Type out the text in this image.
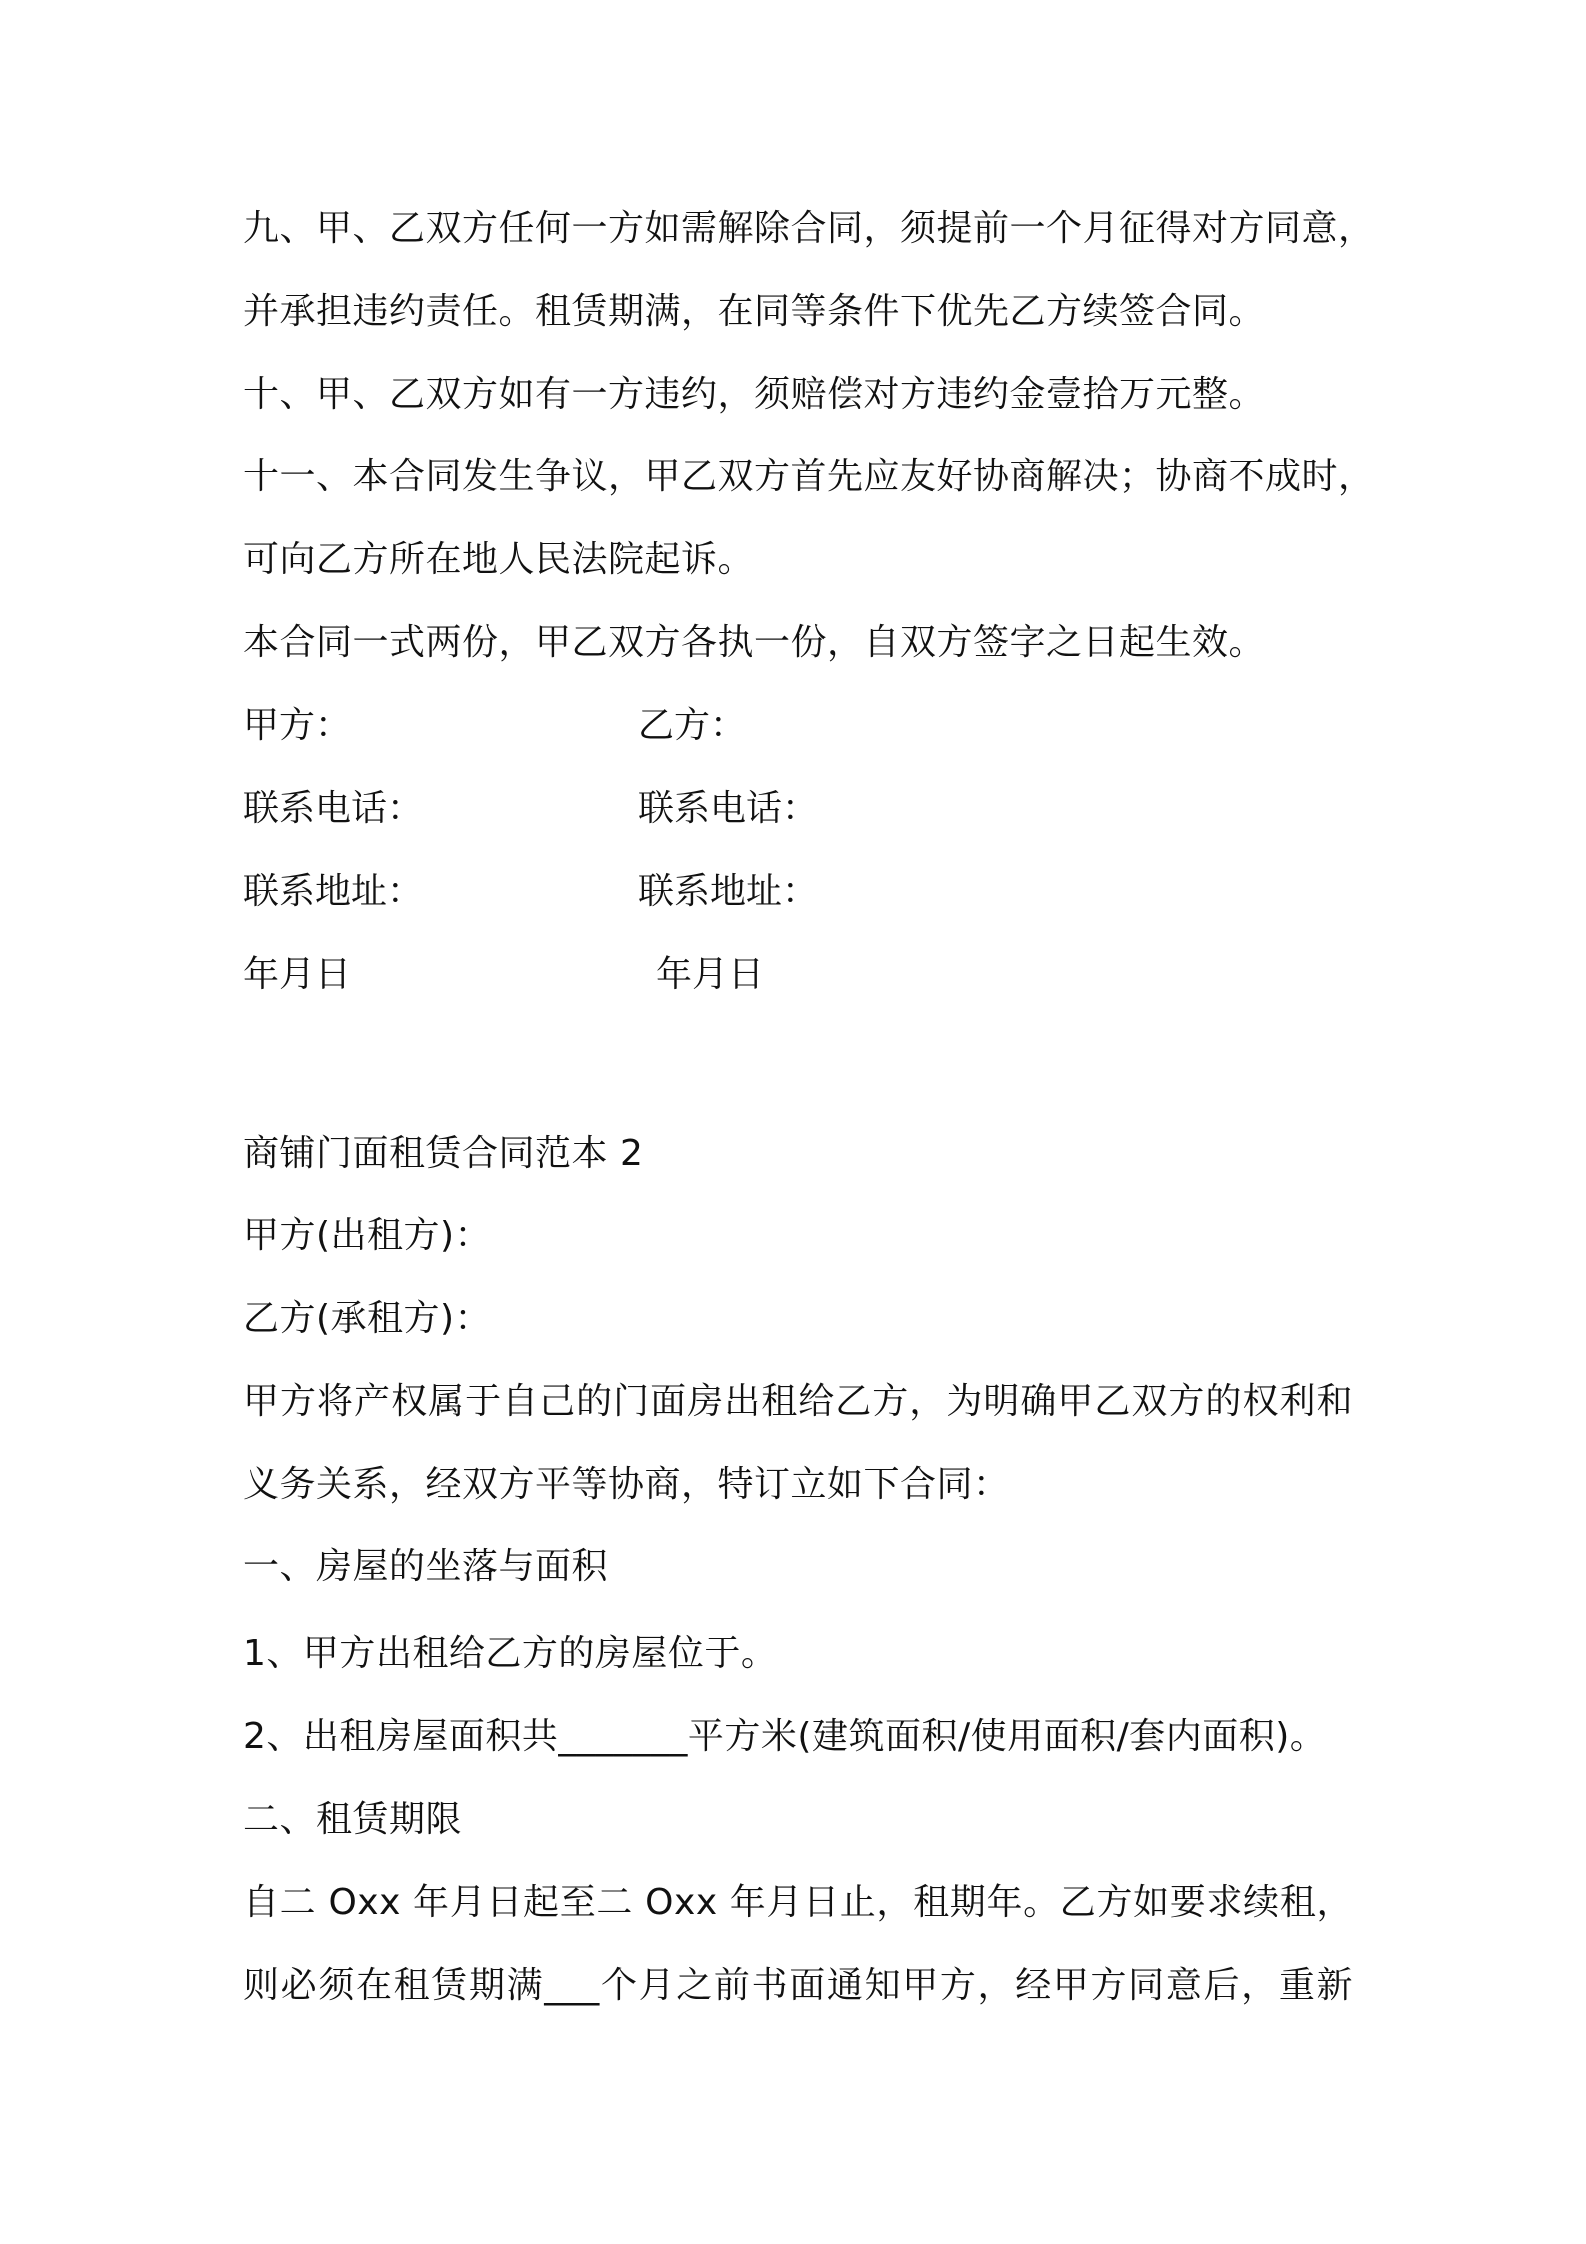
九、甲、乙双方任何一方如需解除合同，须提前一个月征得对方同意，
并承担违约责任。租赁期满，在同等条件下优先乙方续签合同。
十、甲、乙双方如有一方违约，须赔偿对方违约金壹拾万元整。
十一、本合同发生争议，甲乙双方首先应友好协商解决；协商不成时，
可向乙方所在地人民法院起诉。
本合同一式两份，甲乙双方各执一份，自双方签字之日起生效。
甲方：	乙方：
联系电话：	联系电话：
联系地址：	联系地址：
年月日	年月日
商铺门面租赁合同范本 2
甲方(出租方)：
乙方(承租方)：
甲方将产权属于自己的门面房出租给乙方，为明确甲乙双方的权利和
义务关系，经双方平等协商，特订立如下合同：
一、房屋的坐落与面积
1、甲方出租给乙方的房屋位于。
2、出租房屋面积共_______平方米(建筑面积/使用面积/套内面积)。
二、租赁期限
自二 Oxx 年月日起至二 Oxx 年月日止，租期年。乙方如要求续租，
则必须在租赁期满___个月之前书面通知甲方，经甲方同意后，重新
